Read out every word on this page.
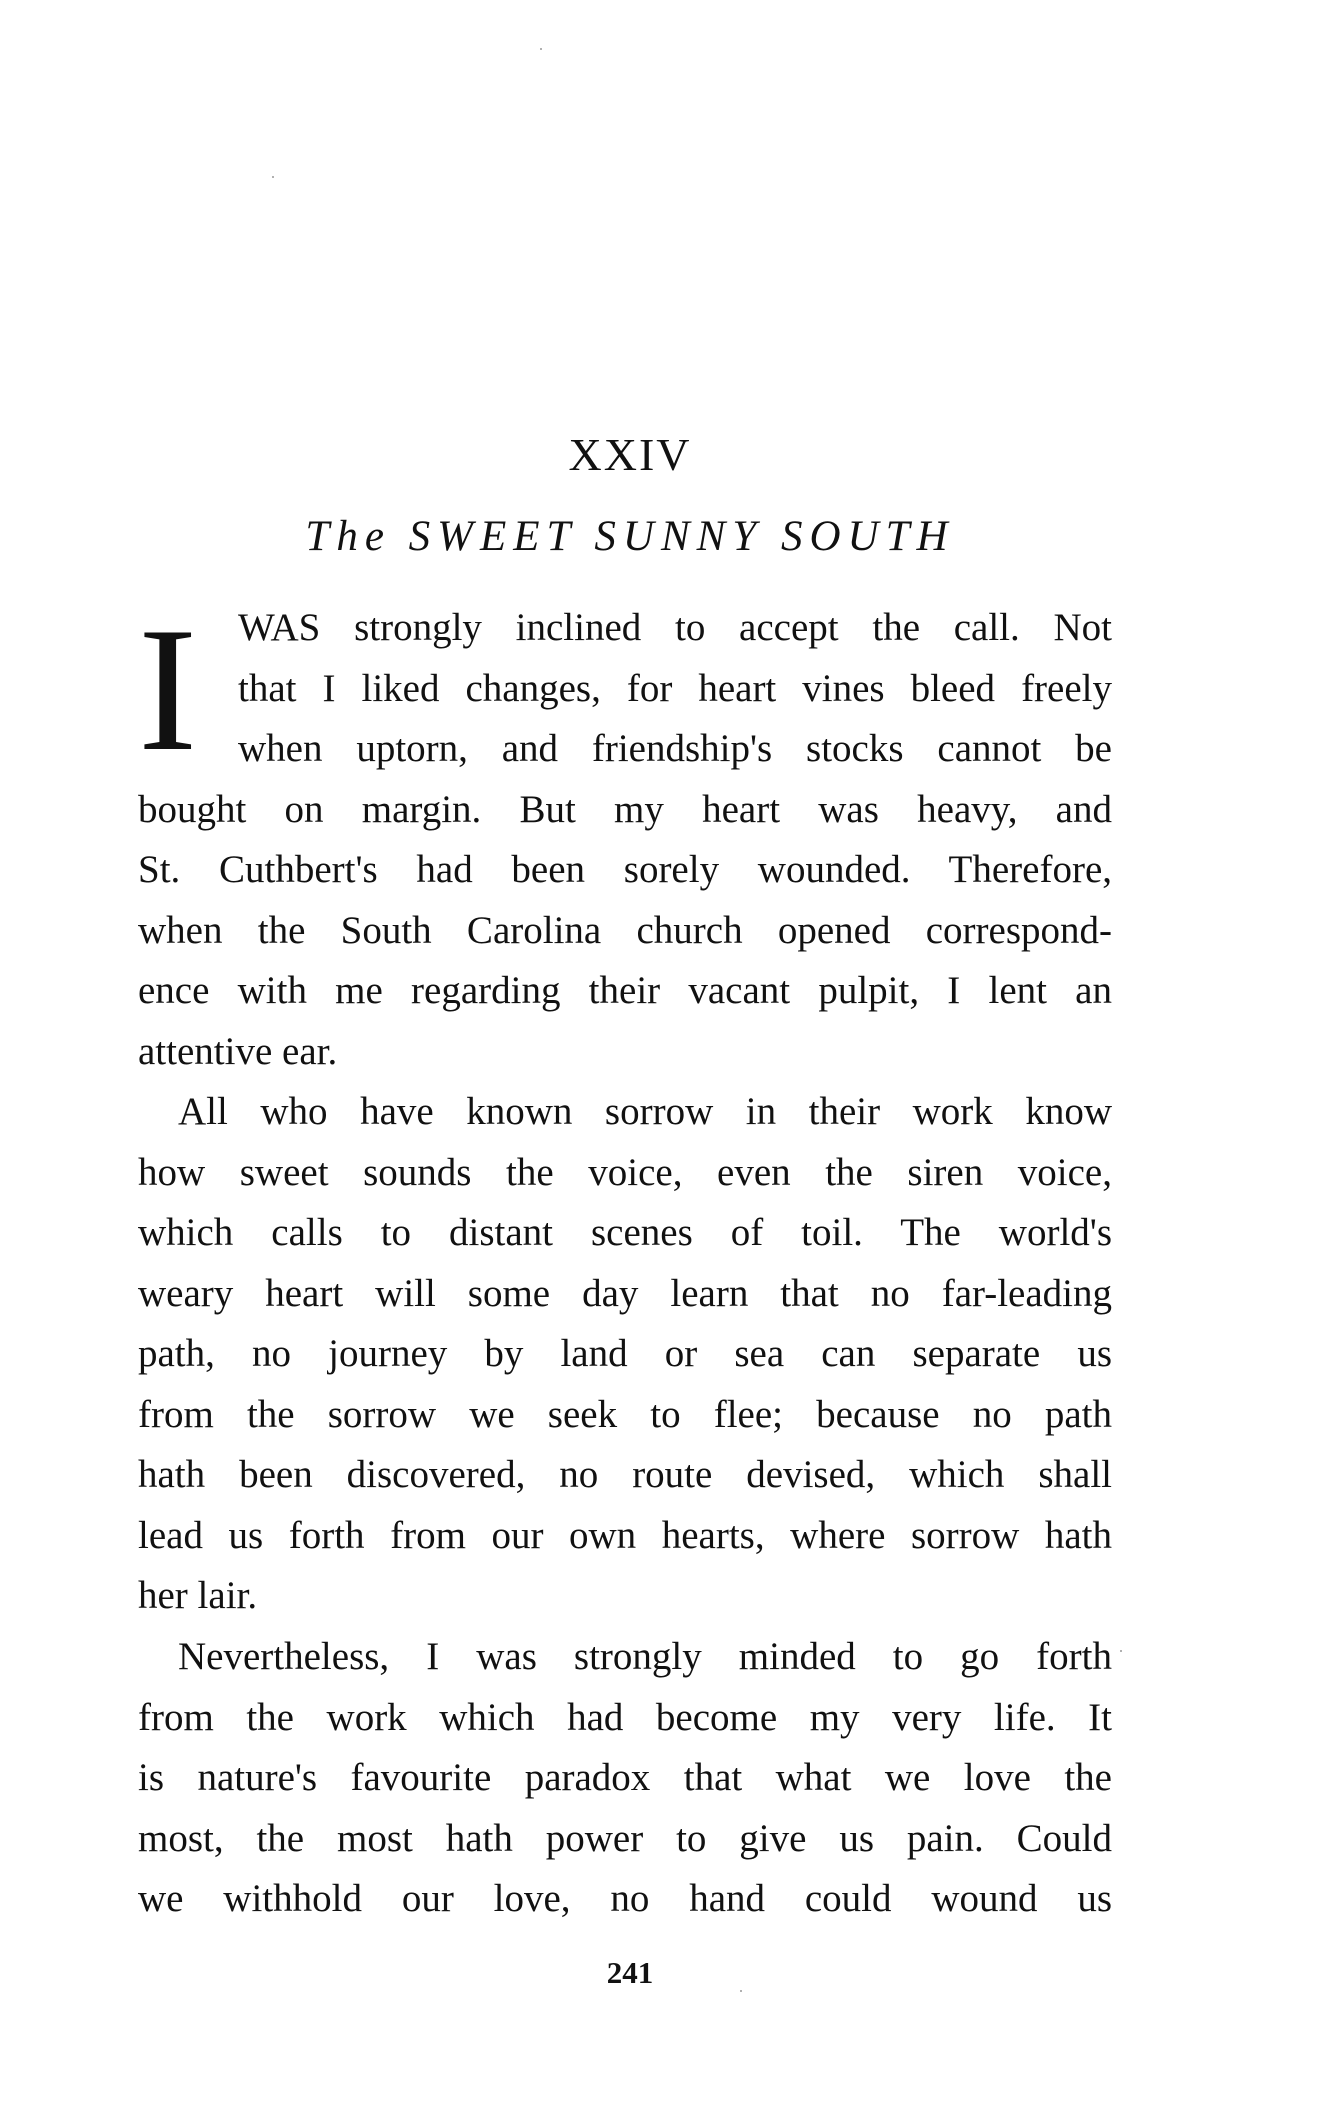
XXIV
The SWEET SUNNY SOUTH
I	WAS strongly inclined to accept the call. Not
that I liked changes, for heart vines bleed freely
when uptorn, and friendship's stocks cannot be
bought on margin. But my heart was heavy, and
St. Cuthbert's had been sorely wounded. Therefore,
when the South Carolina church opened correspond-
ence with me regarding their vacant pulpit, I lent an
attentive ear.
All who have known sorrow in their work know
how sweet sounds the voice, even the siren voice,
which calls to distant scenes of toil. The world's
weary heart will some day learn that no far-leading
path, no journey by land or sea can separate us
from the sorrow we seek to flee; because no path
hath been discovered, no route devised, which shall
lead us forth from our own hearts, where sorrow hath
her lair.
Nevertheless, I was strongly minded to go forth
from the work which had become my very life. It
is nature's favourite paradox that what we love the
most, the most hath power to give us pain. Could
we withhold our love, no hand could wound us
241
